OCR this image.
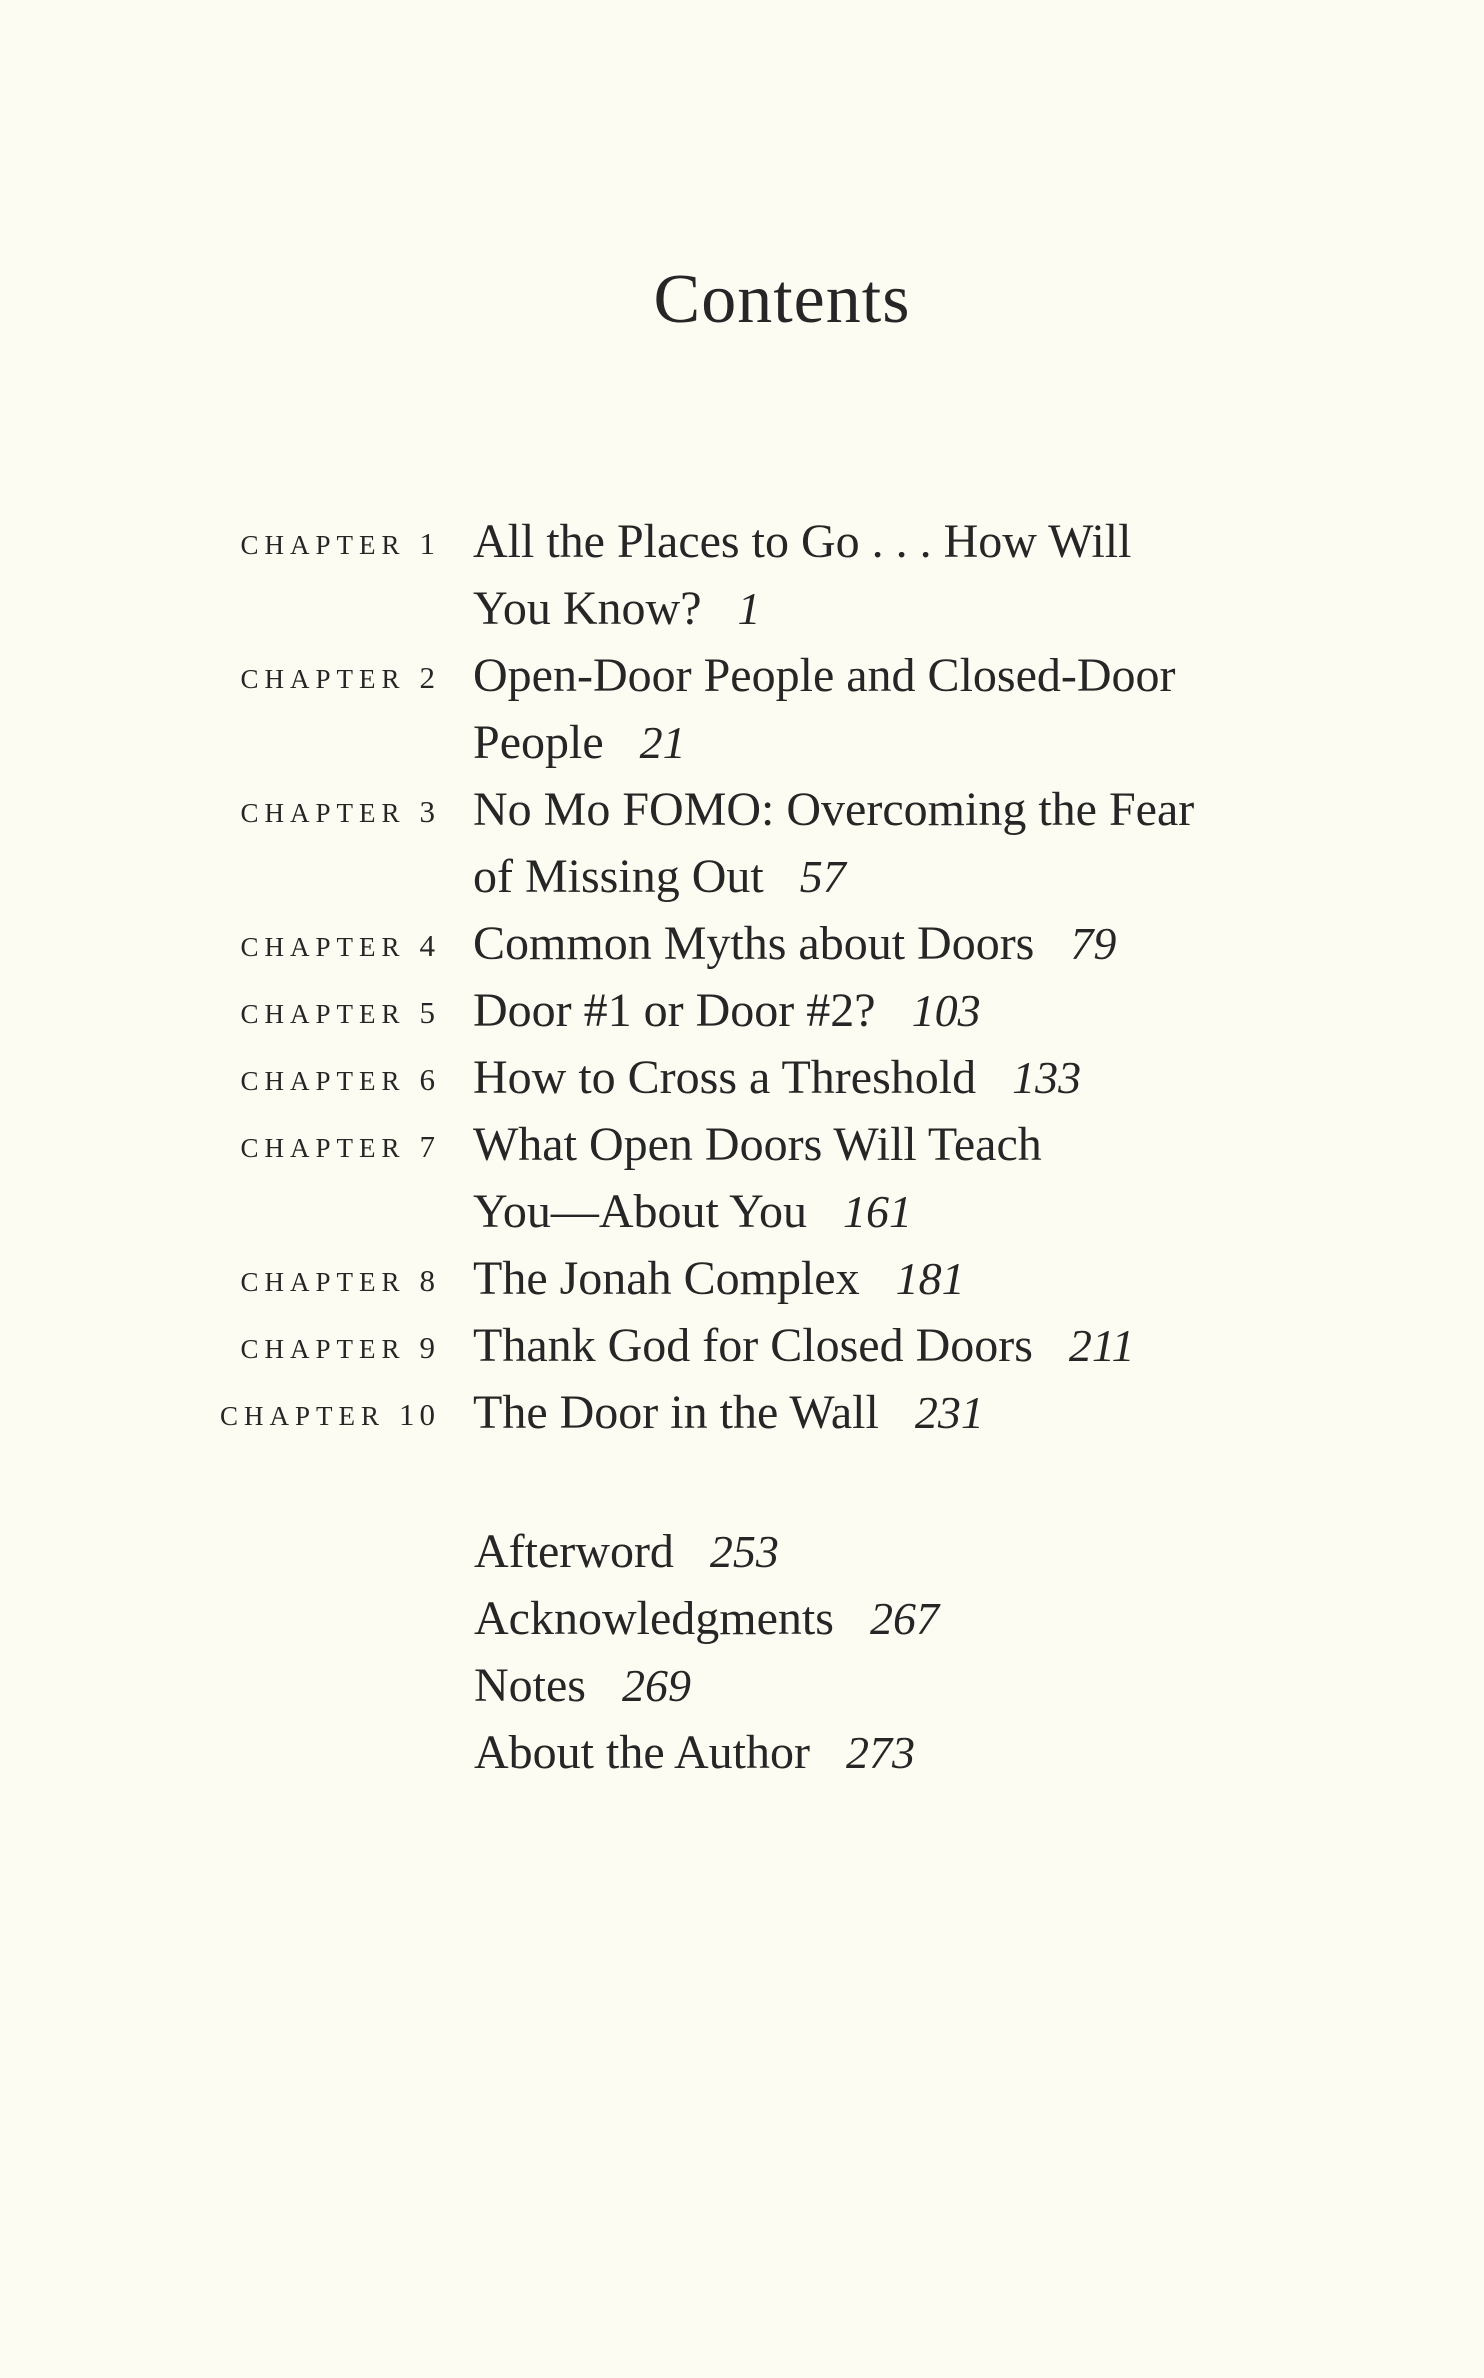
Contents
CHAPTER 1 All the Places to Go . . . How Will
You Know? 1
CHAPTER 2 Open-Door People and Closed-Door
People 21
CHAPTER 3 No Mo FOMO: Overcoming the Fear
of Missing Out 57
CHAPTER 4 Common Myths about Doors 79
CHAPTER 5 Door #1 or Door #2? 103
CHAPTER 6 How to Cross a Threshold 133
CHAPTER 7 What Open Doors Will Teach
You—About You 161
CHAPTER 8 The Jonah Complex 181
CHAPTER 9 Thank God for Closed Doors 211
CHAPTER 10 The Door in the Wall 231
Afterword 253
Acknowledgments 267
Notes 269
About the Author 273
